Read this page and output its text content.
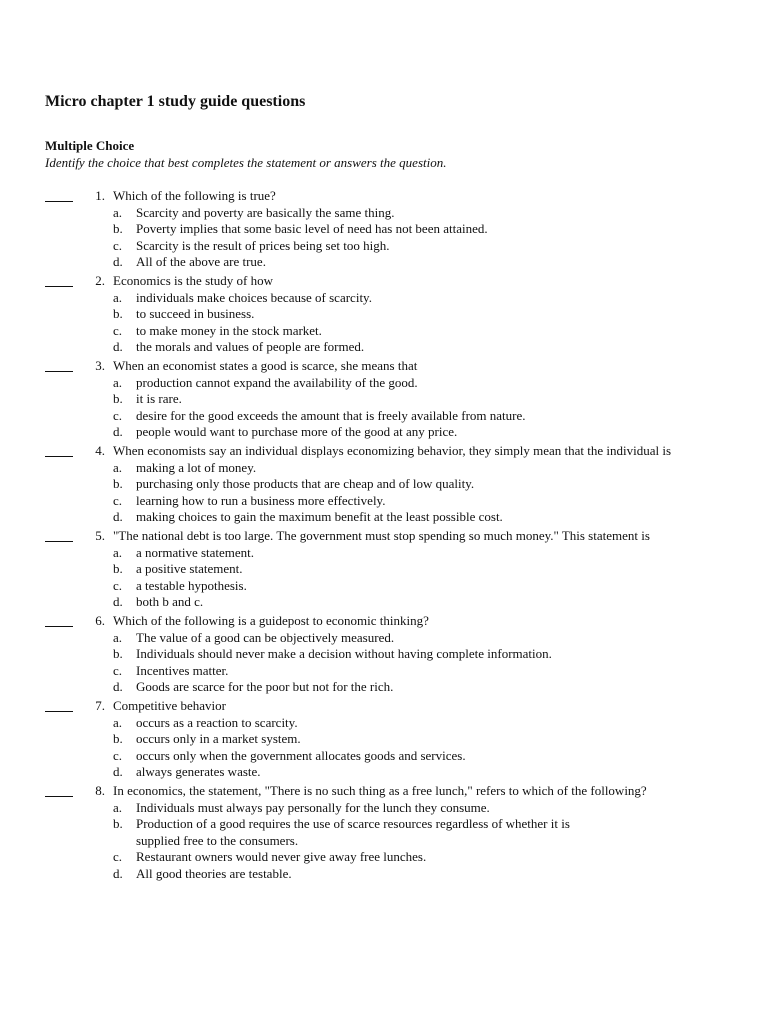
Micro chapter 1 study guide questions
Multiple Choice
Identify the choice that best completes the statement or answers the question.
1. Which of the following is true?
a. Scarcity and poverty are basically the same thing.
b. Poverty implies that some basic level of need has not been attained.
c. Scarcity is the result of prices being set too high.
d. All of the above are true.
2. Economics is the study of how
a. individuals make choices because of scarcity.
b. to succeed in business.
c. to make money in the stock market.
d. the morals and values of people are formed.
3. When an economist states a good is scarce, she means that
a. production cannot expand the availability of the good.
b. it is rare.
c. desire for the good exceeds the amount that is freely available from nature.
d. people would want to purchase more of the good at any price.
4. When economists say an individual displays economizing behavior, they simply mean that the individual is
a. making a lot of money.
b. purchasing only those products that are cheap and of low quality.
c. learning how to run a business more effectively.
d. making choices to gain the maximum benefit at the least possible cost.
5. "The national debt is too large. The government must stop spending so much money." This statement is
a. a normative statement.
b. a positive statement.
c. a testable hypothesis.
d. both b and c.
6. Which of the following is a guidepost to economic thinking?
a. The value of a good can be objectively measured.
b. Individuals should never make a decision without having complete information.
c. Incentives matter.
d. Goods are scarce for the poor but not for the rich.
7. Competitive behavior
a. occurs as a reaction to scarcity.
b. occurs only in a market system.
c. occurs only when the government allocates goods and services.
d. always generates waste.
8. In economics, the statement, "There is no such thing as a free lunch," refers to which of the following?
a. Individuals must always pay personally for the lunch they consume.
b. Production of a good requires the use of scarce resources regardless of whether it is
supplied free to the consumers.
c. Restaurant owners would never give away free lunches.
d. All good theories are testable.
